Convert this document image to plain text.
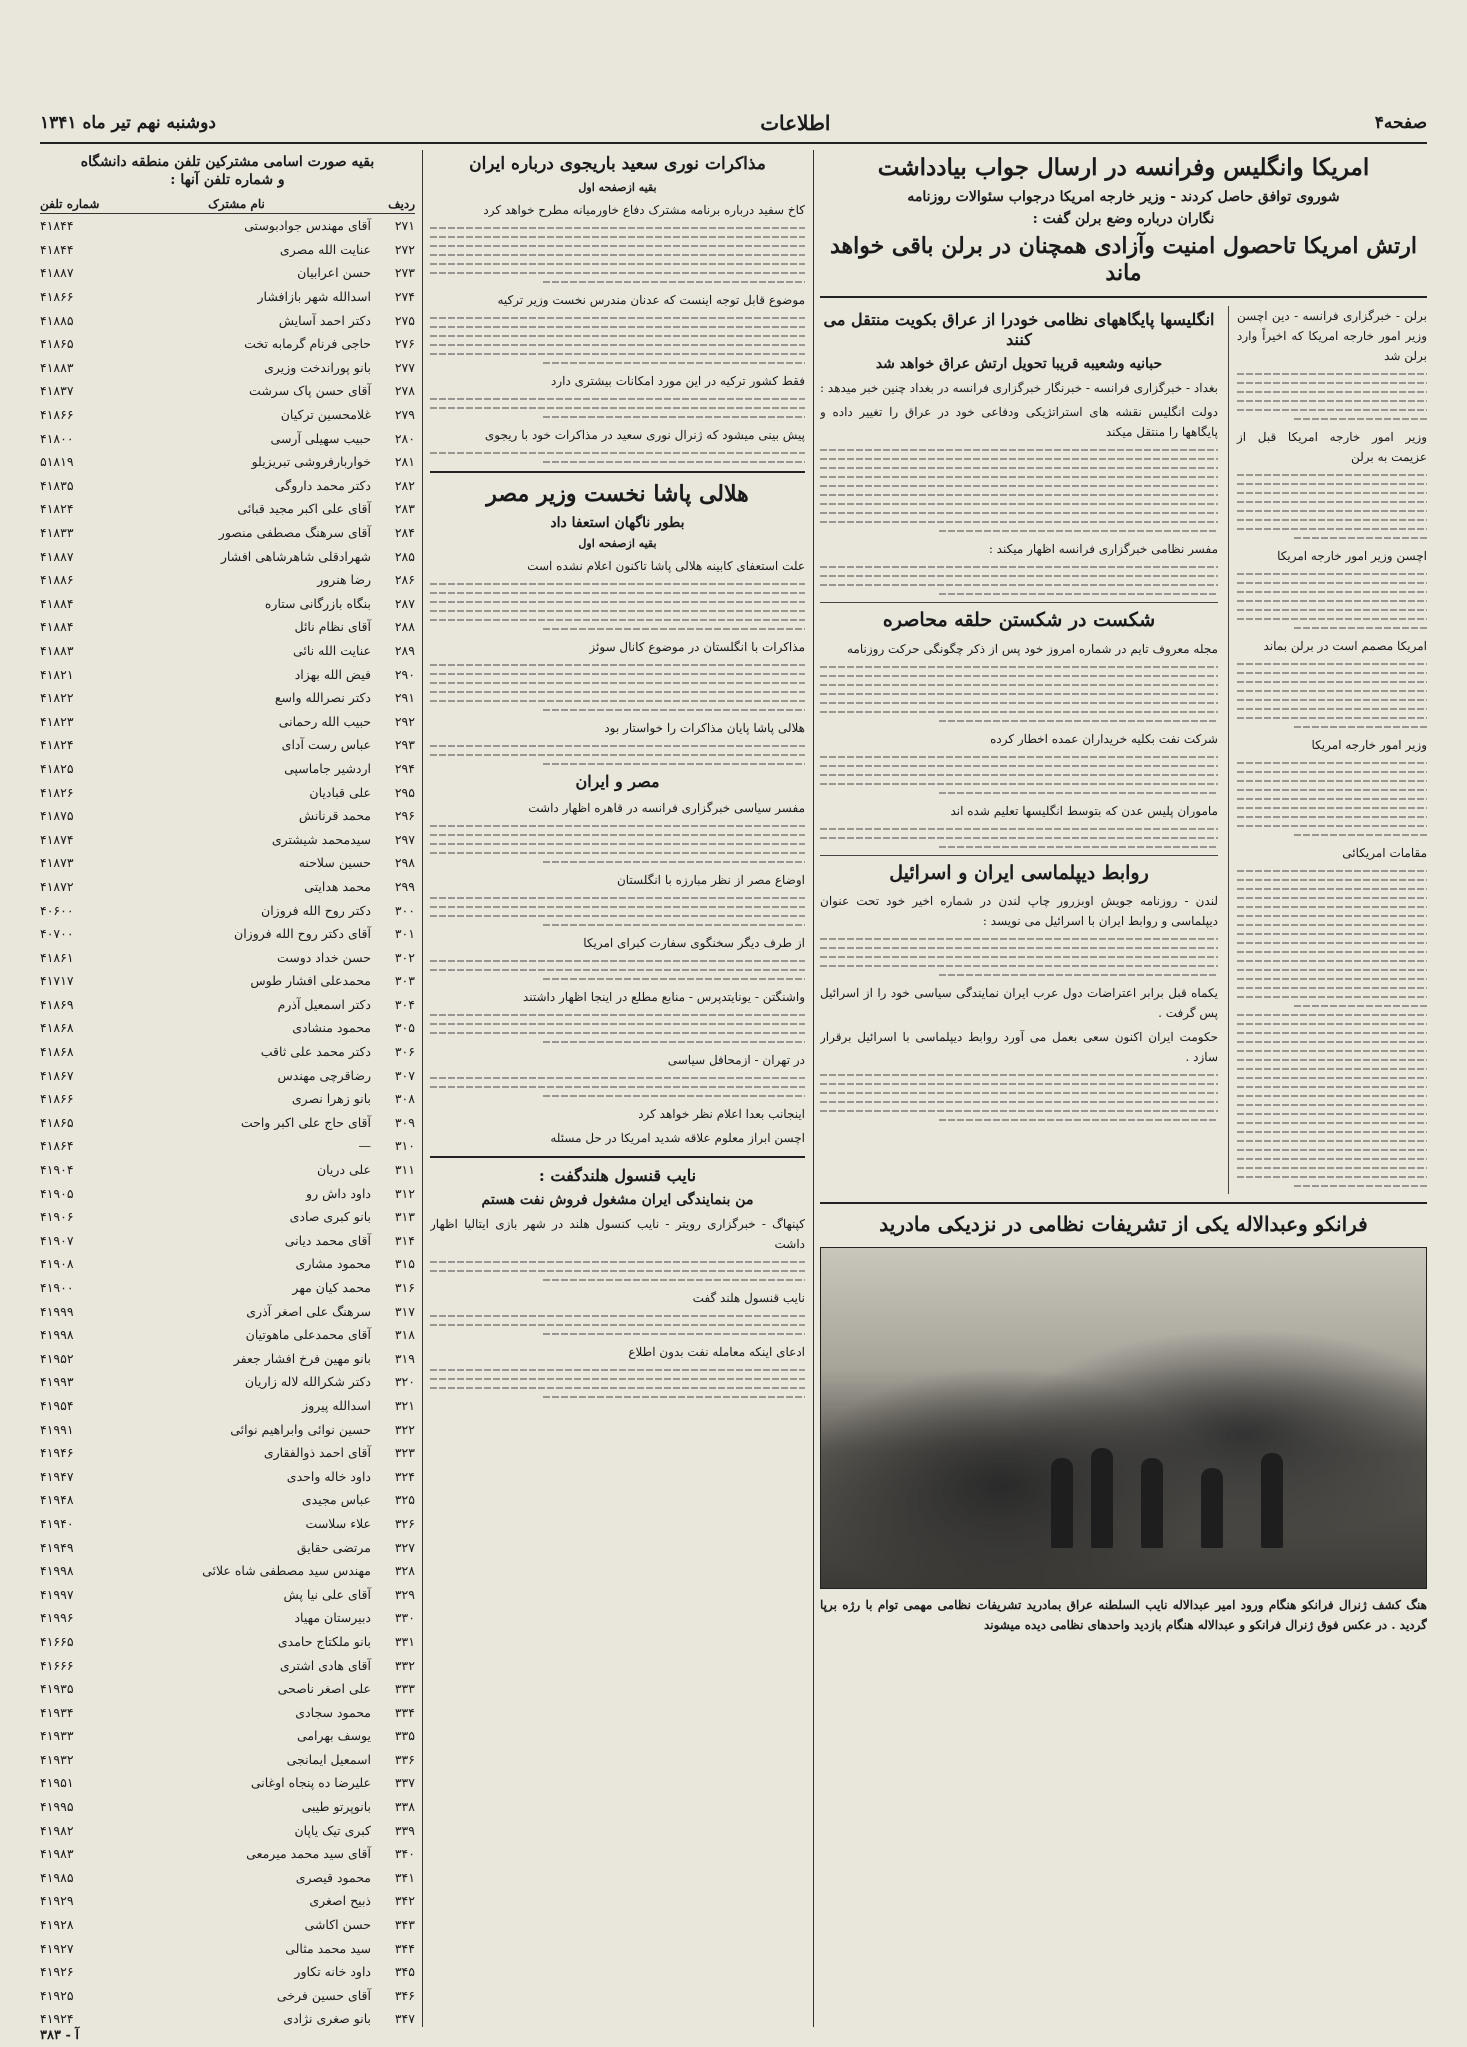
صفحه۴
اطلاعات
دوشنبه نهم تیر ماه ۱۳۴۱
امریکا وانگلیس وفرانسه در ارسال جواب بیادداشت
شوروی توافق حاصل کردند - وزیر خارجه امریکا درجواب سئوالات روزنامه
نگاران درباره وضع برلن گفت :
ارتش امریکا تاحصول امنیت وآزادی همچنان در برلن باقی خواهد ماند

برلن - خبرگزاری فرانسه - دین اچسن وزیر امور خارجه امریکا که اخیراً وارد برلن شد

وزیر امور خارجه امریکا قبل از عزیمت به برلن

اچسن وزیر امور خارجه امریکا

امریکا مصمم است در برلن بماند

وزیر امور خارجه امریکا

مقامات امریکائی

انگلیسها پایگاههای نظامی خودرا از عراق بکویت منتقل می کنند
حبانیه وشعیبه قریبا تحویل ارتش عراق خواهد شد

بغداد - خبرگزاری فرانسه - خبرنگار خبرگزاری فرانسه در بغداد چنین خبر میدهد :

دولت انگلیس نقشه های استراتژیکی ودفاعی خود در عراق را تغییر داده و پایگاهها را منتقل میکند

مفسر نظامی خبرگزاری فرانسه اظهار میکند :

شکست در شکستن حلقه محاصره

مجله معروف تایم در شماره امروز خود پس از ذکر چگونگی حرکت روزنامه

شرکت نفت بکلیه خریداران عمده اخطار کرده

ماموران پلیس عدن که بتوسط انگلیسها تعلیم شده اند

روابط دیپلماسی ایران و اسرائیل

لندن - روزنامه جویش اوبزرور چاپ لندن در شماره اخیر خود تحت عنوان دیپلماسی و روابط ایران با اسرائیل می نویسد :

یکماه قبل برابر اعتراضات دول عرب ایران نمایندگی سیاسی خود را از اسرائیل پس گرفت .

حکومت ایران اکنون سعی بعمل می آورد روابط دیپلماسی با اسرائیل برقرار سازد .

فرانکو وعبدالاله یکی از تشریفات نظامی در نزدیکی مادرید

هنگ کشف ژنرال فرانکو هنگام ورود امیر عبدالاله نایب السلطنه عراق بمادرید تشریفات نظامی مهمی توام با رژه برپا گردید . در عکس فوق ژنرال فرانکو و عبدالاله هنگام بازدید واحدهای نظامی دیده میشوند

مذاکرات نوری سعید باریجوی درباره ایران
بقیه ازصفحه اول

کاخ سفید درباره برنامه مشترک دفاع خاورمیانه مطرح خواهد کرد

موضوع قابل توجه اینست که عدنان مندرس نخست وزیر ترکیه

فقط کشور ترکیه در این مورد امکانات بیشتری دارد

پیش بینی میشود که ژنرال نوری سعید در مذاکرات خود با ریجوی

هلالی پاشا نخست وزیر مصر
بطور ناگهان استعفا داد
بقیه ازصفحه اول

علت استعفای کابینه هلالی پاشا تاکنون اعلام نشده است

مذاکرات با انگلستان در موضوع کانال سوئز

هلالی پاشا پایان مذاکرات را خواستار بود

مصر و ایران

مفسر سیاسی خبرگزاری فرانسه در قاهره اظهار داشت

اوضاع مصر از نظر مبارزه با انگلستان

از طرف دیگر سخنگوی سفارت کبرای امریکا

واشنگتن - یونایتدپرس - منابع مطلع در اینجا اظهار داشتند

در تهران - ازمحافل سیاسی

اینجانب بعدا اعلام نظر خواهد کرد

اچسن ابراز معلوم علاقه شدید امریکا در حل مسئله

نایب قنسول هلندگفت :
من بنمایندگی ایران مشغول فروش نفت هستم

کپنهاگ - خبرگزاری رویتر - نایب کنسول هلند در شهر بازی ایتالیا اظهار داشت

نایب قنسول هلند گفت

ادعای اینکه معامله نفت بدون اطلاع

بقیه صورت اسامی مشترکین تلفن منطقه دانشگاه
و شماره تلفن آنها :
ردیف	نام مشترک	شماره تلفن
۲۷۱	آقای مهندس جوادبوستی	۴۱۸۴۴
۲۷۲	عنایت الله مصری	۴۱۸۴۴
۲۷۳	حسن اعرابیان	۴۱۸۸۷
۲۷۴	اسدالله شهر بازافشار	۴۱۸۶۶
۲۷۵	دکتر احمد آسایش	۴۱۸۸۵
۲۷۶	حاجی فرنام گرمابه تخت	۴۱۸۶۵
۲۷۷	بانو پوراندخت وزیری	۴۱۸۸۳
۲۷۸	آقای حسن پاک سرشت	۴۱۸۳۷
۲۷۹	غلامحسین ترکیان	۴۱۸۶۶
۲۸۰	حبیب سهیلی آرسی	۴۱۸۰۰
۲۸۱	خواربارفروشی تبریزیلو	۵۱۸۱۹
۲۸۲	دکتر محمد داروگی	۴۱۸۳۵
۲۸۳	آقای علی اکبر مجید قبائی	۴۱۸۲۴
۲۸۴	آقای سرهنگ مصطفی منصور	۴۱۸۳۳
۲۸۵	شهرادقلی شاهرشاهی افشار	۴۱۸۸۷
۲۸۶	رضا هنرور	۴۱۸۸۶
۲۸۷	بنگاه بازرگانی ستاره	۴۱۸۸۴
۲۸۸	آقای نظام نائل	۴۱۸۸۴
۲۸۹	عنایت الله نائی	۴۱۸۸۳
۲۹۰	فیض الله بهزاد	۴۱۸۲۱
۲۹۱	دکتر نصرالله واسع	۴۱۸۲۲
۲۹۲	حبیب الله رحمانی	۴۱۸۲۳
۲۹۳	عباس رست آدای	۴۱۸۲۴
۲۹۴	اردشیر جاماسپی	۴۱۸۲۵
۲۹۵	علی قبادیان	۴۱۸۲۶
۲۹۶	محمد قرنانش	۴۱۸۷۵
۲۹۷	سیدمحمد شیشتری	۴۱۸۷۴
۲۹۸	حسین سلاحنه	۴۱۸۷۳
۲۹۹	محمد هدایتی	۴۱۸۷۲
۳۰۰	دکتر روح الله فروزان	۴۰۶۰۰
۳۰۱	آقای دکتر روح الله فروزان	۴۰۷۰۰
۳۰۲	حسن خداد دوست	۴۱۸۶۱
۳۰۳	محمدعلی افشار طوس	۴۱۷۱۷
۳۰۴	دکتر اسمعیل آذرم	۴۱۸۶۹
۳۰۵	محمود منشادی	۴۱۸۶۸
۳۰۶	دکتر محمد علی ثاقب	۴۱۸۶۸
۳۰۷	رضاقرچی مهندس	۴۱۸۶۷
۳۰۸	بانو زهرا نصری	۴۱۸۶۶
۳۰۹	آقای حاج علی اکبر واحت	۴۱۸۶۵
۳۱۰	—	۴۱۸۶۴
۳۱۱	علی دریان	۴۱۹۰۴
۳۱۲	داود داش رو	۴۱۹۰۵
۳۱۳	بانو کبری صادی	۴۱۹۰۶
۳۱۴	آقای محمد دیانی	۴۱۹۰۷
۳۱۵	محمود مشاری	۴۱۹۰۸
۳۱۶	محمد کیان مهر	۴۱۹۰۰
۳۱۷	سرهنگ علی اصغر آذری	۴۱۹۹۹
۳۱۸	آقای محمدعلی ماهوتیان	۴۱۹۹۸
۳۱۹	بانو مهین فرخ افشار جعفر	۴۱۹۵۲
۳۲۰	دکتر شکرالله لاله زاریان	۴۱۹۹۳
۳۲۱	اسدالله پیروز	۴۱۹۵۴
۳۲۲	حسین نوائی وابراهیم نوائی	۴۱۹۹۱
۳۲۳	آقای احمد ذوالفقاری	۴۱۹۴۶
۳۲۴	داود خاله واحدی	۴۱۹۴۷
۳۲۵	عباس مجیدی	۴۱۹۴۸
۳۲۶	علاء سلاست	۴۱۹۴۰
۳۲۷	مرتضی حقایق	۴۱۹۴۹
۳۲۸	مهندس سید مصطفی شاه علائی	۴۱۹۹۸
۳۲۹	آقای علی نیا پش	۴۱۹۹۷
۳۳۰	دبیرستان مهیاد	۴۱۹۹۶
۳۳۱	بانو ملکتاج حامدی	۴۱۶۶۵
۳۳۲	آقای هادی اشتری	۴۱۶۶۶
۳۳۳	علی اصغر ناصحی	۴۱۹۳۵
۳۳۴	محمود سجادی	۴۱۹۳۴
۳۳۵	یوسف بهرامی	۴۱۹۳۳
۳۳۶	اسمعیل ایمانجی	۴۱۹۳۲
۳۳۷	علیرضا ده پنجاه اوغانی	۴۱۹۵۱
۳۳۸	بانوپرتو طیبی	۴۱۹۹۵
۳۳۹	کبری تیک یاپان	۴۱۹۸۲
۳۴۰	آقای سید محمد میرمعی	۴۱۹۸۳
۳۴۱	محمود قیصری	۴۱۹۸۵
۳۴۲	ذبیح اصغری	۴۱۹۲۹
۳۴۳	حسن اکاشی	۴۱۹۲۸
۳۴۴	سید محمد مثالی	۴۱۹۲۷
۳۴۵	داود خانه تکاور	۴۱۹۲۶
۳۴۶	آقای حسین فرخی	۴۱۹۲۵
۳۴۷	بانو صغری نژادی	۴۱۹۲۴

آ - ۳۸۳
